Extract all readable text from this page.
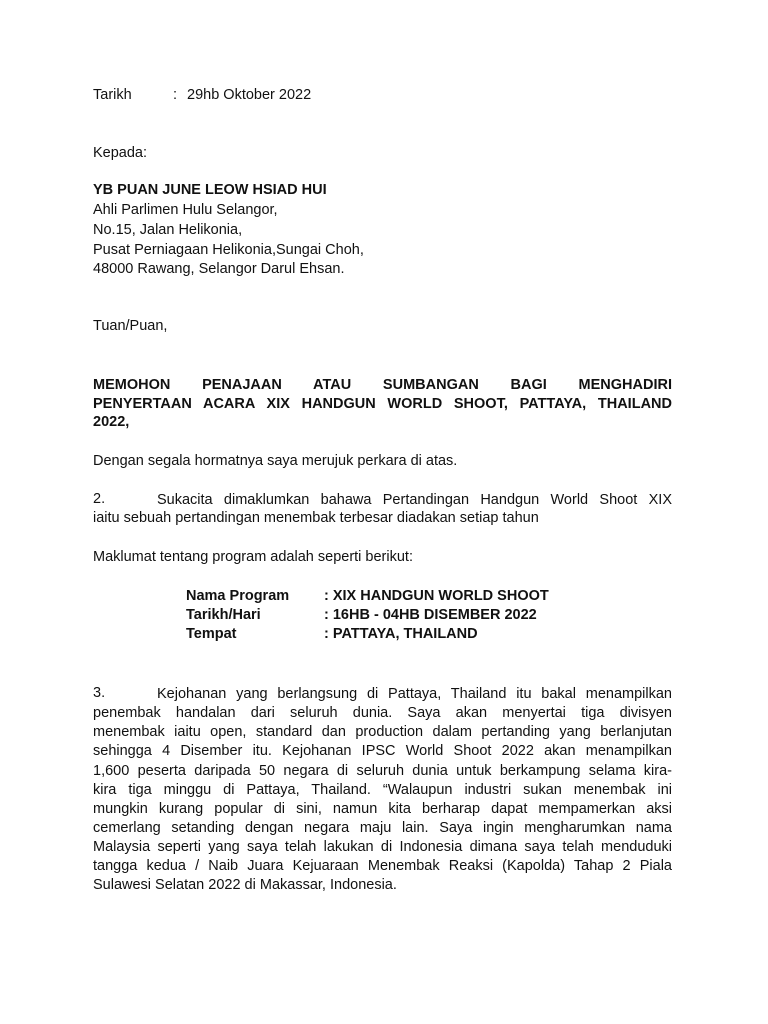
Tarikh	: 29hb Oktober 2022
Kepada:
YB PUAN JUNE LEOW HSIAD HUI
Ahli Parlimen Hulu Selangor,
No.15, Jalan Helikonia,
Pusat Perniagaan Helikonia,Sungai Choh,
48000 Rawang, Selangor Darul Ehsan.
Tuan/Puan,
MEMOHON PENAJAAN ATAU SUMBANGAN BAGI MENGHADIRI
PENYERTAAN ACARA XIX HANDGUN WORLD SHOOT, PATTAYA, THAILAND
2022,
Dengan segala hormatnya saya merujuk perkara di atas.
2.	Sukacita dimaklumkan bahawa Pertandingan Handgun World Shoot XIX
iaitu sebuah pertandingan menembak terbesar diadakan setiap tahun
Maklumat tentang program adalah seperti berikut:
Nama Program : XIX HANDGUN WORLD SHOOT
Tarikh/Hari	: 16HB - 04HB DISEMBER 2022
Tempat	: PATTAYA, THAILAND
3.	Kejohanan yang berlangsung di Pattaya, Thailand itu bakal menampilkan
penembak handalan dari seluruh dunia. Saya akan menyertai tiga divisyen
menembak iaitu open, standard dan production dalam pertanding yang berlanjutan
sehingga 4 Disember itu. Kejohanan IPSC World Shoot 2022 akan menampilkan
1,600 peserta daripada 50 negara di seluruh dunia untuk berkampung selama kira-
kira tiga minggu di Pattaya, Thailand. “Walaupun industri sukan menembak ini
mungkin kurang popular di sini, namun kita berharap dapat mempamerkan aksi
cemerlang setanding dengan negara maju lain. Saya ingin mengharumkan nama
Malaysia seperti yang saya telah lakukan di Indonesia dimana saya telah menduduki
tangga kedua / Naib Juara Kejuaraan Menembak Reaksi (Kapolda) Tahap 2 Piala
Sulawesi Selatan 2022 di Makassar, Indonesia.
